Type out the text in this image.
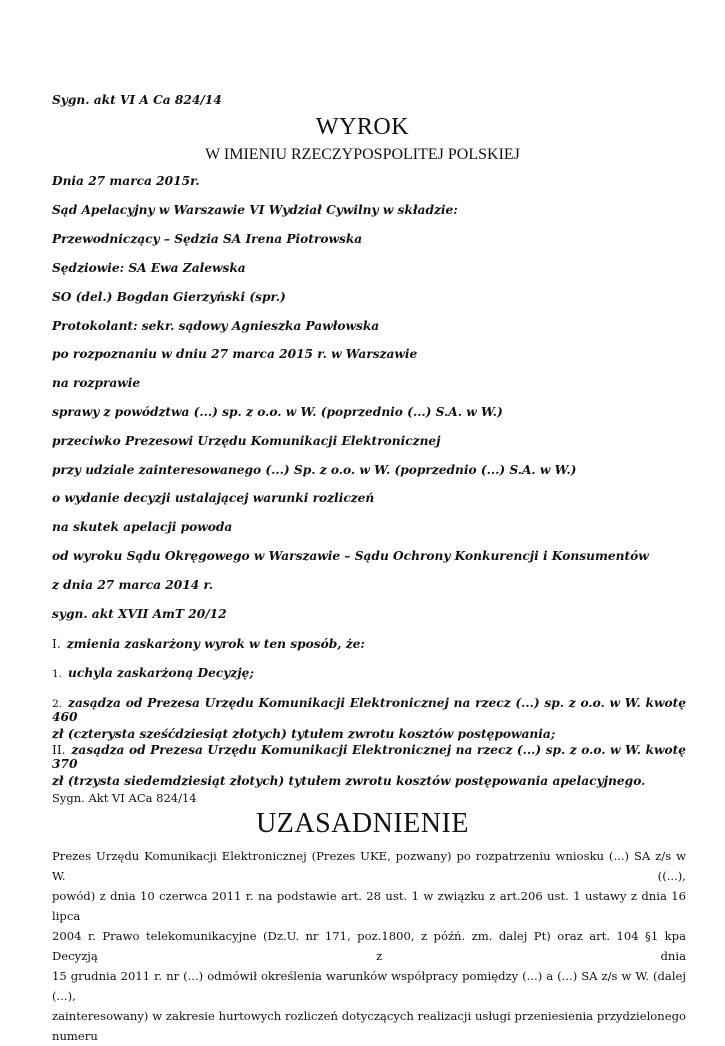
Sygn. akt VI A Ca 824/14

WYROK
W IMIENIU RZECZYPOSPOLITEJ POLSKIEJ

Dnia 27 marca 2015r.

Sąd Apelacyjny w Warszawie VI Wydział Cywilny w składzie:

Przewodniczący – Sędzia SA Irena Piotrowska

Sędziowie: SA Ewa Zalewska

SO (del.) Bogdan Gierzyński (spr.)

Protokolant: sekr. sądowy Agnieszka Pawłowska

po rozpoznaniu w dniu 27 marca 2015 r. w Warszawie

na rozprawie

sprawy z powództwa (...) sp. z o.o. w W. (poprzednio (...) S.A. w W.)

przeciwko Prezesowi Urzędu Komunikacji Elektronicznej

przy udziale zainteresowanego (...) Sp. z o.o. w W. (poprzednio (...) S.A. w W.)

o wydanie decyzji ustalającej warunki rozliczeń

na skutek apelacji powoda

od wyroku Sądu Okręgowego w Warszawie – Sądu Ochrony Konkurencji i Konsumentów

z dnia 27 marca 2014 r.

sygn. akt XVII AmT 20/12

I. zmienia zaskarżony wyrok w ten sposób, że:

1. uchyla zaskarżoną Decyzję;

2. zasądza od Prezesa Urzędu Komunikacji Elektronicznej na rzecz (...) sp. z o.o. w W. kwotę 460
zł (czterysta sześćdziesiąt złotych) tytułem zwrotu kosztów postępowania;
II. zasądza od Prezesa Urzędu Komunikacji Elektronicznej na rzecz (...) sp. z o.o. w W. kwotę 370
zł (trzysta siedemdziesiąt złotych) tytułem zwrotu kosztów postępowania apelacyjnego.

Sygn. Akt VI ACa 824/14

UZASADNIENIE
Prezes Urzędu Komunikacji Elektronicznej (Prezes UKE, pozwany) po rozpatrzeniu wniosku (...) SA z/s w W. ((...),
powód) z dnia 10 czerwca 2011 r. na podstawie art. 28 ust. 1 w związku z art.206 ust. 1 ustawy z dnia 16 lipca
2004 r. Prawo telekomunikacyjne (Dz.U. nr 171, poz.1800, z późń. zm. dalej Pt) oraz art. 104 §1 kpa Decyzją z dnia
15 grudnia 2011 r. nr (...) odmówił określenia warunków współpracy pomiędzy (...) a (...) SA z/s w W. (dalej (...),
zainteresowany) w zakresie hurtowych rozliczeń dotyczących realizacji usługi przeniesienia przydzielonego numeru
